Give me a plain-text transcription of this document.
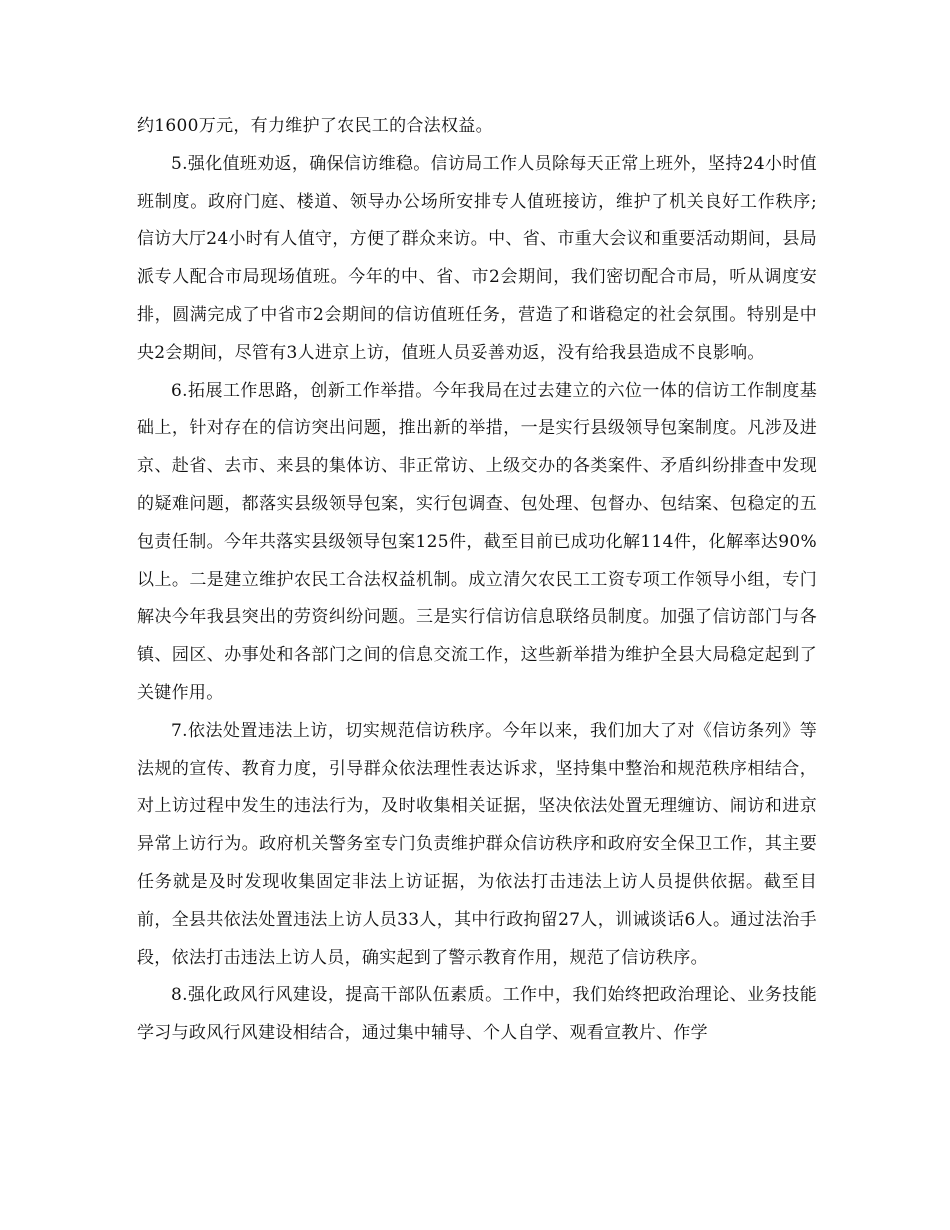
约1600万元，有力维护了农民工的合法权益。

5.强化值班劝返，确保信访维稳。信访局工作人员除每天正常上班外，坚持24小时值班制度。政府门庭、楼道、领导办公场所安排专人值班接访，维护了机关良好工作秩序;信访大厅24小时有人值守，方便了群众来访。中、省、市重大会议和重要活动期间，县局派专人配合市局现场值班。今年的中、省、市2会期间，我们密切配合市局，听从调度安排，圆满完成了中省市2会期间的信访值班任务，营造了和谐稳定的社会氛围。特别是中央2会期间，尽管有3人进京上访，值班人员妥善劝返，没有给我县造成不良影响。

6.拓展工作思路，创新工作举措。今年我局在过去建立的六位一体的信访工作制度基础上，针对存在的信访突出问题，推出新的举措，一是实行县级领导包案制度。凡涉及进京、赴省、去市、来县的集体访、非正常访、上级交办的各类案件、矛盾纠纷排查中发现的疑难问题，都落实县级领导包案，实行包调查、包处理、包督办、包结案、包稳定的五包责任制。今年共落实县级领导包案125件，截至目前已成功化解114件，化解率达90%以上。二是建立维护农民工合法权益机制。成立清欠农民工工资专项工作领导小组，专门解决今年我县突出的劳资纠纷问题。三是实行信访信息联络员制度。加强了信访部门与各镇、园区、办事处和各部门之间的信息交流工作，这些新举措为维护全县大局稳定起到了关键作用。

7.依法处置违法上访，切实规范信访秩序。今年以来，我们加大了对《信访条列》等法规的宣传、教育力度，引导群众依法理性表达诉求，坚持集中整治和规范秩序相结合，对上访过程中发生的违法行为，及时收集相关证据，坚决依法处置无理缠访、闹访和进京异常上访行为。政府机关警务室专门负责维护群众信访秩序和政府安全保卫工作，其主要任务就是及时发现收集固定非法上访证据，为依法打击违法上访人员提供依据。截至目前，全县共依法处置违法上访人员33人，其中行政拘留27人，训诫谈话6人。通过法治手段，依法打击违法上访人员，确实起到了警示教育作用，规范了信访秩序。

8.强化政风行风建设，提高干部队伍素质。工作中，我们始终把政治理论、业务技能学习与政风行风建设相结合，通过集中辅导、个人自学、观看宣教片、作学
